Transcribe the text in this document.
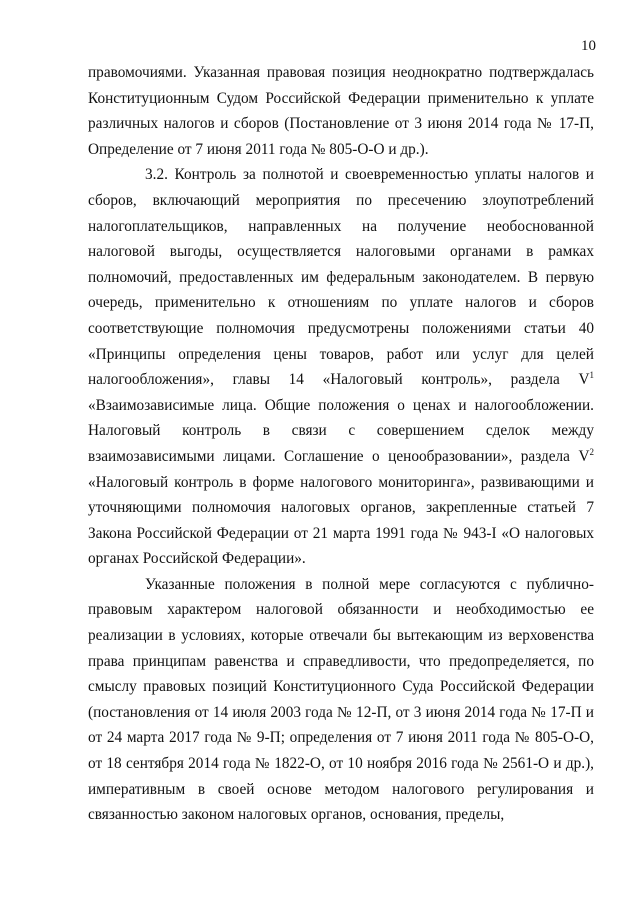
10

правомочиями. Указанная правовая позиция неоднократно подтверждалась Конституционным Судом Российской Федерации применительно к уплате различных налогов и сборов (Постановление от 3 июня 2014 года № 17-П, Определение от 7 июня 2011 года № 805-О-О и др.).

3.2. Контроль за полнотой и своевременностью уплаты налогов и сборов, включающий мероприятия по пресечению злоупотреблений налогоплательщиков, направленных на получение необоснованной налоговой выгоды, осуществляется налоговыми органами в рамках полномочий, предоставленных им федеральным законодателем. В первую очередь, применительно к отношениям по уплате налогов и сборов соответствующие полномочия предусмотрены положениями статьи 40 «Принципы определения цены товаров, работ или услуг для целей налогообложения», главы 14 «Налоговый контроль», раздела $V^1$ «Взаимозависимые лица. Общие положения о ценах и налогообложении. Налоговый контроль в связи с совершением сделок между взаимозависимыми лицами. Соглашение о ценообразовании», раздела $V^2$ «Налоговый контроль в форме налогового мониторинга», развивающими и уточняющими полномочия налоговых органов, закрепленные статьей 7 Закона Российской Федерации от 21 марта 1991 года № 943-I «О налоговых органах Российской Федерации».

Указанные положения в полной мере согласуются с публично-правовым характером налоговой обязанности и необходимостью ее реализации в условиях, которые отвечали бы вытекающим из верховенства права принципам равенства и справедливости, что предопределяется, по смыслу правовых позиций Конституционного Суда Российской Федерации (постановления от 14 июля 2003 года № 12-П, от 3 июня 2014 года № 17-П и от 24 марта 2017 года № 9-П; определения от 7 июня 2011 года № 805-О-О, от 18 сентября 2014 года № 1822-О, от 10 ноября 2016 года № 2561-О и др.), императивным в своей основе методом налогового регулирования и связанностью законом налоговых органов, основания, пределы,
